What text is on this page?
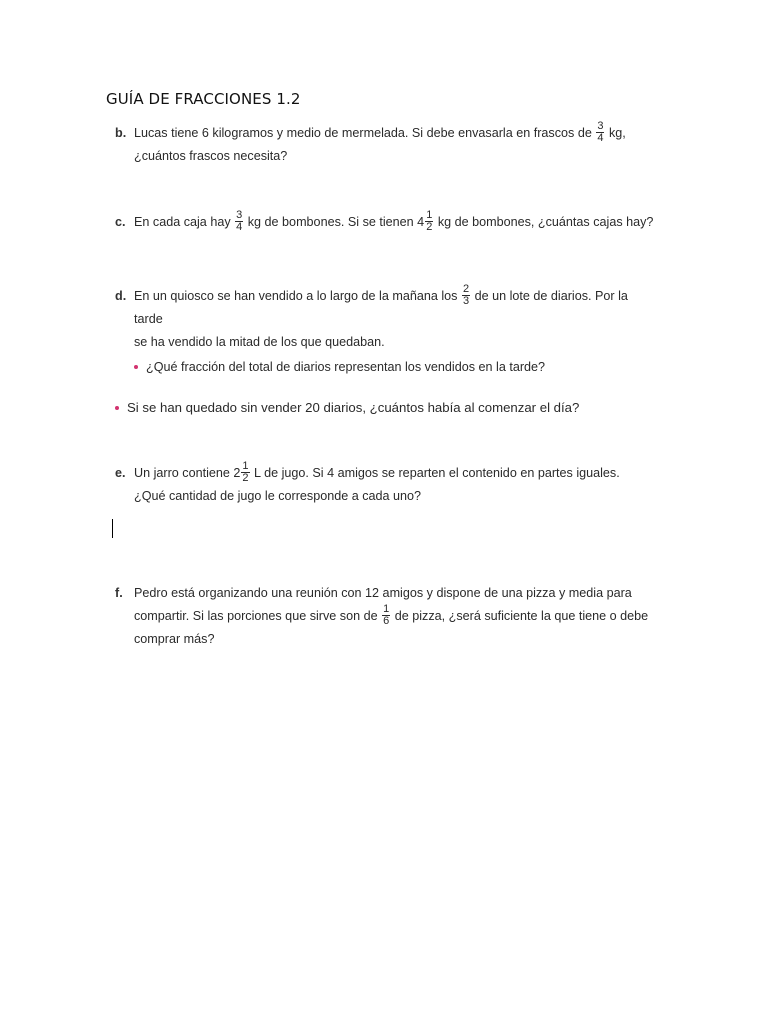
GUÍA DE FRACCIONES 1.2
b. Lucas tiene 6 kilogramos y medio de mermelada. Si debe envasarla en frascos de $\frac{3}{4}$ kg,
¿cuántos frascos necesita?
c. En cada caja hay $\frac{3}{4}$ kg de bombones. Si se tienen $4 \frac{1}{2}$ kg de bombones, ¿cuántas cajas hay?
d. En un quiosco se han vendido a lo largo de la mañana los $\frac{2}{3}$ de un lote de diarios. Por la tarde
se ha vendido la mitad de los que quedaban.
¿Qué fracción del total de diarios representan los vendidos en la tarde?
Si se han quedado sin vender 20 diarios, ¿cuántos había al comenzar el día?
e. Un jarro contiene $2 \frac{1}{2}$ L de jugo. Si 4 amigos se reparten el contenido en partes iguales.
¿Qué cantidad de jugo le corresponde a cada uno?
f. Pedro está organizando una reunión con 12 amigos y dispone de una pizza y media para
compartir. Si las porciones que sirve son de $\frac{1}{6}$ de pizza, ¿será suficiente la que tiene o debe
comprar más?
